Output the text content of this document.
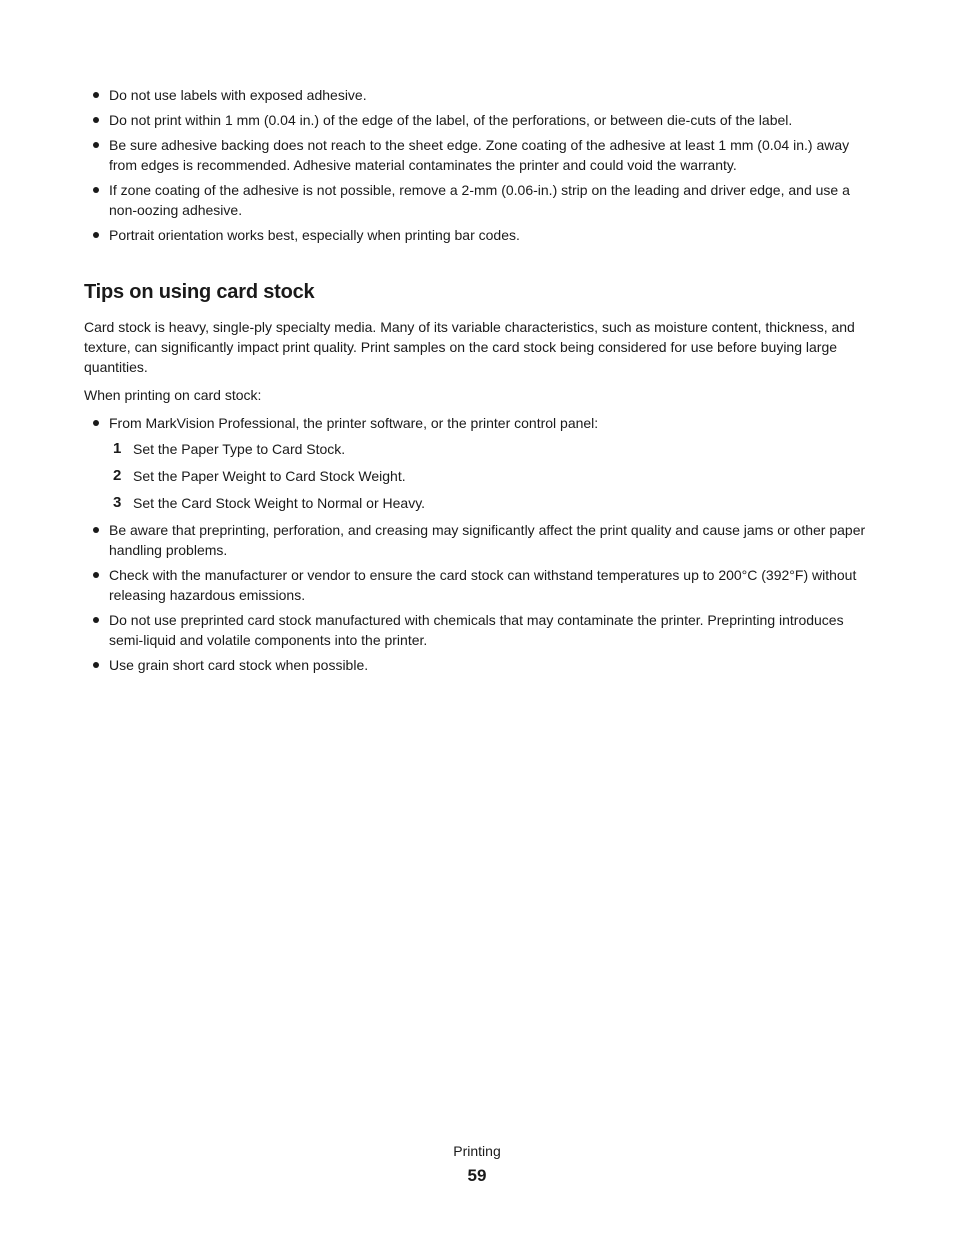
Do not use labels with exposed adhesive.
Do not print within 1 mm (0.04 in.) of the edge of the label, of the perforations, or between die-cuts of the label.
Be sure adhesive backing does not reach to the sheet edge. Zone coating of the adhesive at least 1 mm (0.04 in.) away from edges is recommended. Adhesive material contaminates the printer and could void the warranty.
If zone coating of the adhesive is not possible, remove a 2-mm (0.06-in.) strip on the leading and driver edge, and use a non-oozing adhesive.
Portrait orientation works best, especially when printing bar codes.
Tips on using card stock

Card stock is heavy, single-ply specialty media. Many of its variable characteristics, such as moisture content, thickness, and texture, can significantly impact print quality. Print samples on the card stock being considered for use before buying large quantities.

When printing on card stock:

From MarkVision Professional, the printer software, or the printer control panel:
1 Set the Paper Type to Card Stock.
2 Set the Paper Weight to Card Stock Weight.
3 Set the Card Stock Weight to Normal or Heavy.
Be aware that preprinting, perforation, and creasing may significantly affect the print quality and cause jams or other paper handling problems.
Check with the manufacturer or vendor to ensure the card stock can withstand temperatures up to 200°C (392°F) without releasing hazardous emissions.
Do not use preprinted card stock manufactured with chemicals that may contaminate the printer. Preprinting introduces semi-liquid and volatile components into the printer.
Use grain short card stock when possible.
Printing
59
